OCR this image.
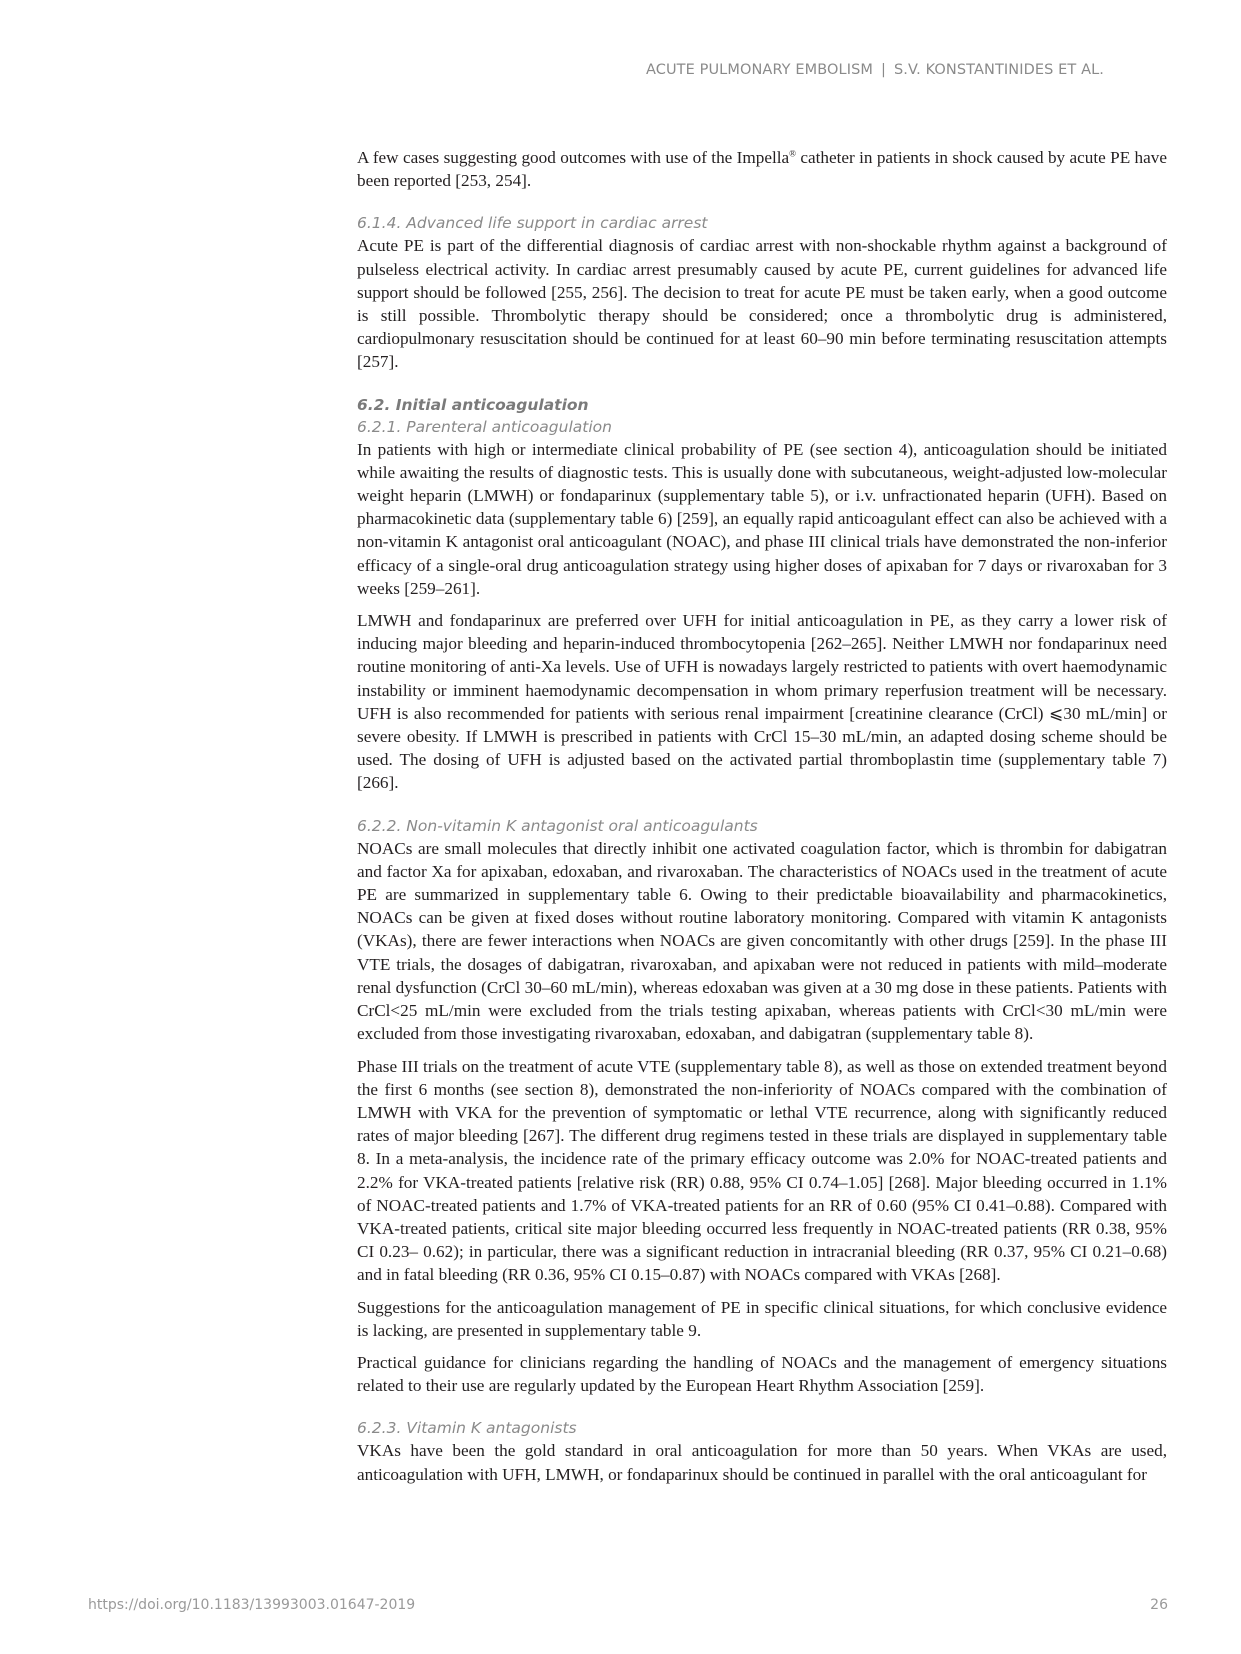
ACUTE PULMONARY EMBOLISM | S.V. KONSTANTINIDES ET AL.

A few cases suggesting good outcomes with use of the Impella® catheter in patients in shock caused by acute PE have been reported [253, 254].

6.1.4. Advanced life support in cardiac arrest

Acute PE is part of the differential diagnosis of cardiac arrest with non-shockable rhythm against a background of pulseless electrical activity. In cardiac arrest presumably caused by acute PE, current guidelines for advanced life support should be followed [255, 256]. The decision to treat for acute PE must be taken early, when a good outcome is still possible. Thrombolytic therapy should be considered; once a thrombolytic drug is administered, cardiopulmonary resuscitation should be continued for at least 60–90 min before terminating resuscitation attempts [257].

6.2. Initial anticoagulation
6.2.1. Parenteral anticoagulation

In patients with high or intermediate clinical probability of PE (see section 4), anticoagulation should be initiated while awaiting the results of diagnostic tests. This is usually done with subcutaneous, weight-adjusted low-molecular weight heparin (LMWH) or fondaparinux (supplementary table 5), or i.v. unfractionated heparin (UFH). Based on pharmacokinetic data (supplementary table 6) [259], an equally rapid anticoagulant effect can also be achieved with a non-vitamin K antagonist oral anticoagulant (NOAC), and phase III clinical trials have demonstrated the non-inferior efficacy of a single-oral drug anticoagulation strategy using higher doses of apixaban for 7 days or rivaroxaban for 3 weeks [259–261].

LMWH and fondaparinux are preferred over UFH for initial anticoagulation in PE, as they carry a lower risk of inducing major bleeding and heparin-induced thrombocytopenia [262–265]. Neither LMWH nor fondaparinux need routine monitoring of anti-Xa levels. Use of UFH is nowadays largely restricted to patients with overt haemodynamic instability or imminent haemodynamic decompensation in whom primary reperfusion treatment will be necessary. UFH is also recommended for patients with serious renal impairment [creatinine clearance (CrCl) ⩽30 mL/min] or severe obesity. If LMWH is prescribed in patients with CrCl 15–30 mL/min, an adapted dosing scheme should be used. The dosing of UFH is adjusted based on the activated partial thromboplastin time (supplementary table 7) [266].

6.2.2. Non-vitamin K antagonist oral anticoagulants

NOACs are small molecules that directly inhibit one activated coagulation factor, which is thrombin for dabigatran and factor Xa for apixaban, edoxaban, and rivaroxaban. The characteristics of NOACs used in the treatment of acute PE are summarized in supplementary table 6. Owing to their predictable bioavailability and pharmacokinetics, NOACs can be given at fixed doses without routine laboratory monitoring. Compared with vitamin K antagonists (VKAs), there are fewer interactions when NOACs are given concomitantly with other drugs [259]. In the phase III VTE trials, the dosages of dabigatran, rivaroxaban, and apixaban were not reduced in patients with mild–moderate renal dysfunction (CrCl 30–60 mL/min), whereas edoxaban was given at a 30 mg dose in these patients. Patients with CrCl<25 mL/min were excluded from the trials testing apixaban, whereas patients with CrCl<30 mL/min were excluded from those investigating rivaroxaban, edoxaban, and dabigatran (supplementary table 8).

Phase III trials on the treatment of acute VTE (supplementary table 8), as well as those on extended treatment beyond the first 6 months (see section 8), demonstrated the non-inferiority of NOACs compared with the combination of LMWH with VKA for the prevention of symptomatic or lethal VTE recurrence, along with significantly reduced rates of major bleeding [267]. The different drug regimens tested in these trials are displayed in supplementary table 8. In a meta-analysis, the incidence rate of the primary efficacy outcome was 2.0% for NOAC-treated patients and 2.2% for VKA-treated patients [relative risk (RR) 0.88, 95% CI 0.74–1.05] [268]. Major bleeding occurred in 1.1% of NOAC-treated patients and 1.7% of VKA-treated patients for an RR of 0.60 (95% CI 0.41–0.88). Compared with VKA-treated patients, critical site major bleeding occurred less frequently in NOAC-treated patients (RR 0.38, 95% CI 0.23– 0.62); in particular, there was a significant reduction in intracranial bleeding (RR 0.37, 95% CI 0.21–0.68) and in fatal bleeding (RR 0.36, 95% CI 0.15–0.87) with NOACs compared with VKAs [268].

Suggestions for the anticoagulation management of PE in specific clinical situations, for which conclusive evidence is lacking, are presented in supplementary table 9.

Practical guidance for clinicians regarding the handling of NOACs and the management of emergency situations related to their use are regularly updated by the European Heart Rhythm Association [259].

6.2.3. Vitamin K antagonists

VKAs have been the gold standard in oral anticoagulation for more than 50 years. When VKAs are used, anticoagulation with UFH, LMWH, or fondaparinux should be continued in parallel with the oral anticoagulant for

https://doi.org/10.1183/13993003.01647-2019	26
